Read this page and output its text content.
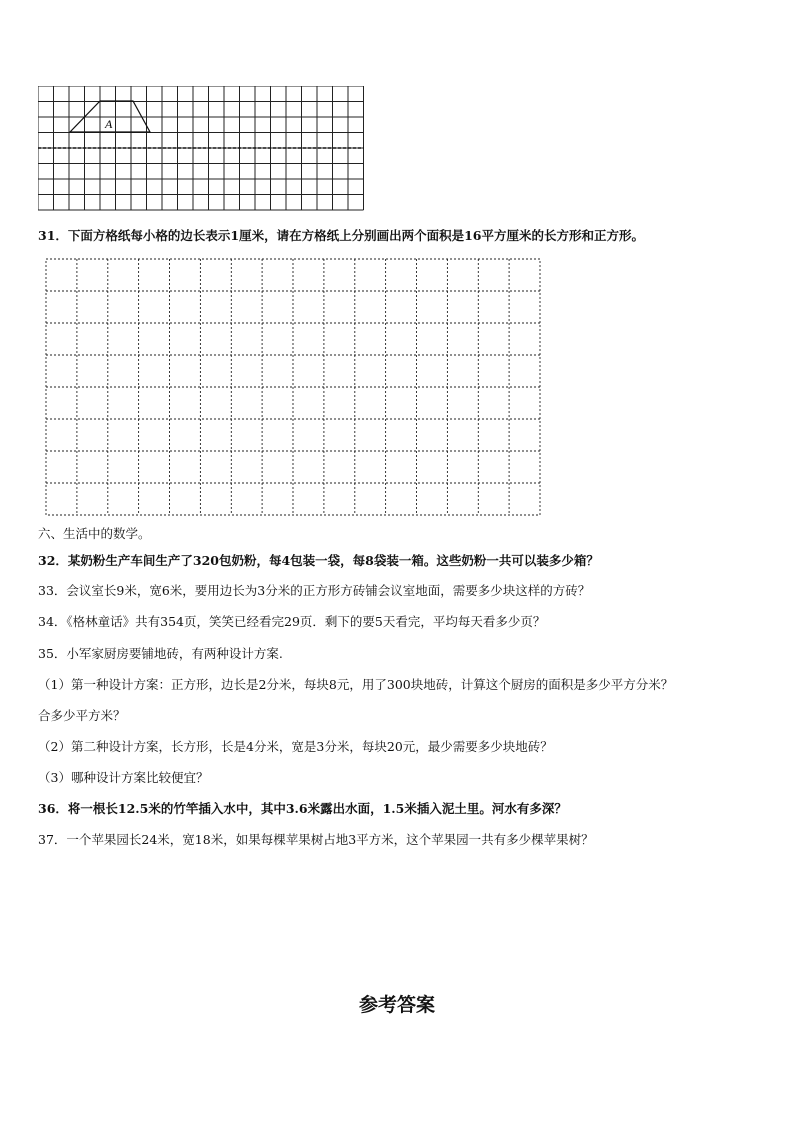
A
31．下面方格纸每小格的边长表示1厘米，请在方格纸上分别画出两个面积是16平方厘米的长方形和正方形。
六、生活中的数学。
32．某奶粉生产车间生产了320包奶粉，每4包装一袋，每8袋装一箱。这些奶粉一共可以装多少箱？
33．会议室长9米，宽6米，要用边长为3分米的正方形方砖铺会议室地面，需要多少块这样的方砖？
34．《格林童话》共有354页，笑笑已经看完29页．剩下的要5天看完，平均每天看多少页？
35．小军家厨房要铺地砖，有两种设计方案.
（1）第一种设计方案：正方形，边长是2分米，每块8元，用了300块地砖，计算这个厨房的面积是多少平方分米？
合多少平方米？
（2）第二种设计方案，长方形，长是4分米，宽是3分米，每块20元，最少需要多少块地砖？
（3）哪种设计方案比较便宜？
36．将一根长12.5米的竹竿插入水中，其中3.6米露出水面，1.5米插入泥土里。河水有多深？
37．一个苹果园长24米，宽18米，如果每棵苹果树占地3平方米，这个苹果园一共有多少棵苹果树？
参考答案
